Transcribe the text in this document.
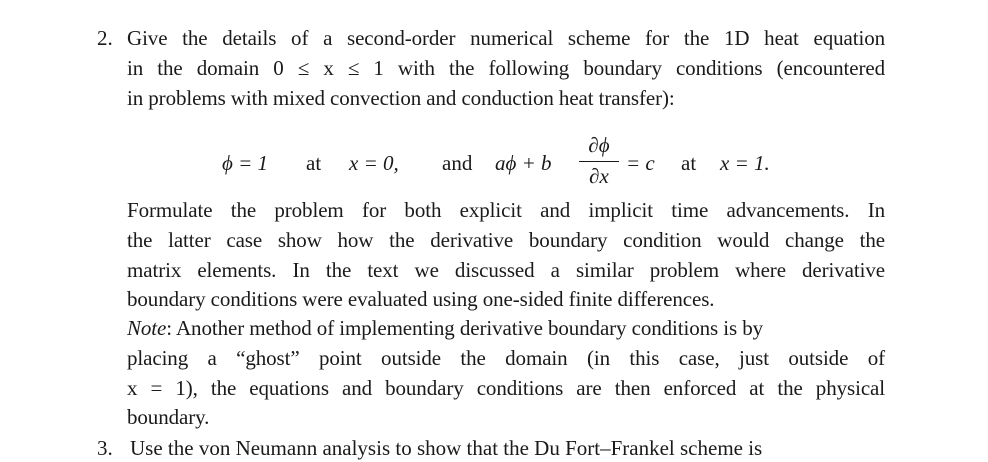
2. Give the details of a second-order numerical scheme for the 1D heat equation
in the domain 0 ≤ x ≤ 1 with the following boundary conditions (encountered
in problems with mixed convection and conduction heat transfer):
ϕ = 1 at x = 0, and aϕ + b
∂ϕ
∂x
= c at x = 1.
Formulate the problem for both explicit and implicit time advancements. In
the latter case show how the derivative boundary condition would change the
matrix elements. In the text we discussed a similar problem where derivative
boundary conditions were evaluated using one-sided finite differences.
Note: Another method of implementing derivative boundary conditions is by
placing a “ghost” point outside the domain (in this case, just outside of
x = 1), the equations and boundary conditions are then enforced at the physical
boundary.
3. Use the von Neumann analysis to show that the Du Fort–Frankel scheme is
